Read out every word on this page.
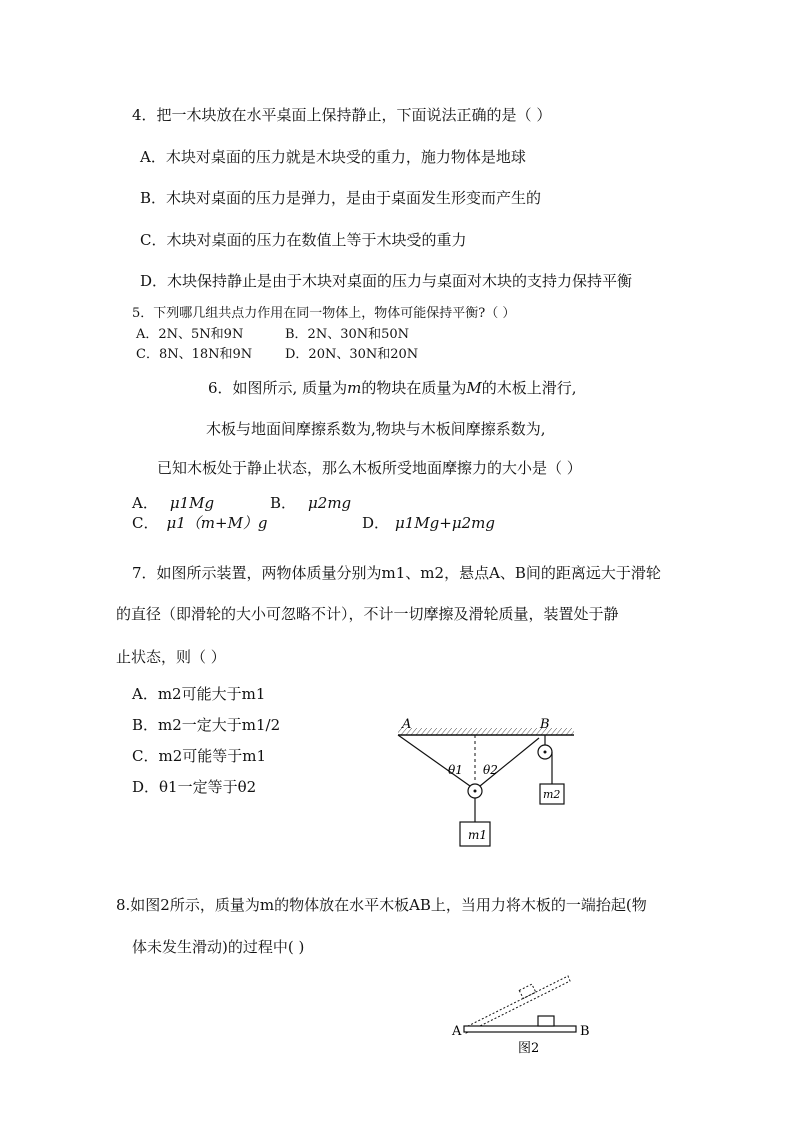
4．把一木块放在水平桌面上保持静止，下面说法正确的是（ ）
A．木块对桌面的压力就是木块受的重力，施力物体是地球
B．木块对桌面的压力是弹力，是由于桌面发生形变而产生的
C．木块对桌面的压力在数值上等于木块受的重力
D．木块保持静止是由于木块对桌面的压力与桌面对木块的支持力保持平衡
5．下列哪几组共点力作用在同一物体上，物体可能保持平衡?（ ）
A．2N、5N和9N	B．2N、30N和50N
C．8N、18N和9N	D．20N、30N和20N
6．如图所示, 质量为m的物块在质量为M的木板上滑行,
木板与地面间摩擦系数为,物块与木板间摩擦系数为,
已知木板处于静止状态，那么木板所受地面摩擦力的大小是（ ）
A． μ1Mg	B． μ2mg
C． μ1（m+M）g	D． μ1Mg+μ2mg
7．如图所示装置，两物体质量分别为m1、m2，悬点A、B间的距离远大于滑轮
的直径（即滑轮的大小可忽略不计），不计一切摩擦及滑轮质量，装置处于静
止状态，则（ ）
A．m2可能大于m1
B．m2一定大于m1/2
C．m2可能等于m1
D．θ1一定等于θ2
A	B
θ1 θ2
m1
m2
8.如图2所示，质量为m的物体放在水平木板AB上，当用力将木板的一端抬起(物
体未发生滑动)的过程中( )
A	B
图2
